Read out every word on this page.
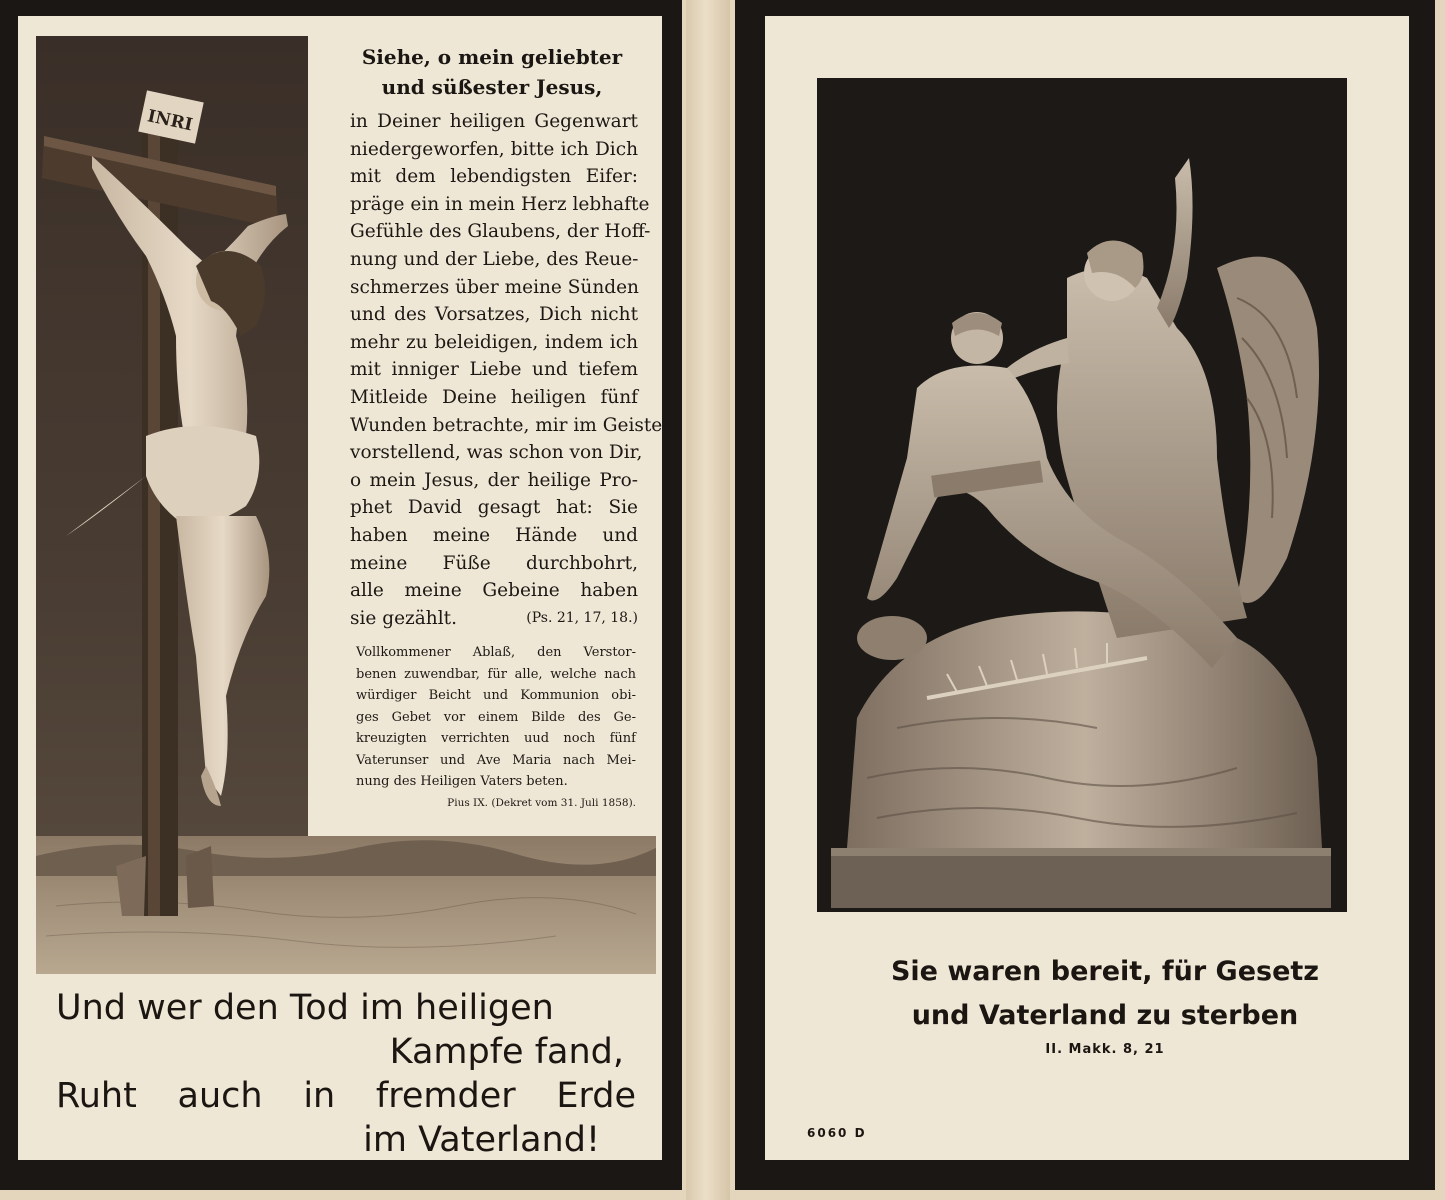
INRI
Siehe, o mein geliebter
und süßester Jesus,
in Deiner heiligen Gegenwart
niedergeworfen, bitte ich Dich
mit dem lebendigsten Eifer:
präge ein in mein Herz lebhafte
Gefühle des Glaubens, der Hoff-
nung und der Liebe, des Reue-
schmerzes über meine Sünden
und des Vorsatzes, Dich nicht
mehr zu beleidigen, indem ich
mit inniger Liebe und tiefem
Mitleide Deine heiligen fünf
Wunden betrachte, mir im Geiste
vorstellend, was schon von Dir,
o mein Jesus, der heilige Pro-
phet David gesagt hat: Sie
haben meine Hände und
meine Füße durchbohrt,
alle meine Gebeine haben
sie gezählt.	(Ps. 21, 17, 18.)
Vollkommener Ablaß, den Verstor-
benen zuwendbar, für alle, welche nach
würdiger Beicht und Kommunion obi-
ges Gebet vor einem Bilde des Ge-
kreuzigten verrichten uud noch fünf
Vaterunser und Ave Maria nach Mei-
nung des Heiligen Vaters beten.
Pius IX. (Dekret vom 31. Juli 1858).
Und wer den Tod im heiligen
Kampfe fand,
Ruht auch in fremder Erde
im Vaterland!
Sie waren bereit, für Gesetz
und Vaterland zu sterben
II. Makk. 8, 21
6060 D
